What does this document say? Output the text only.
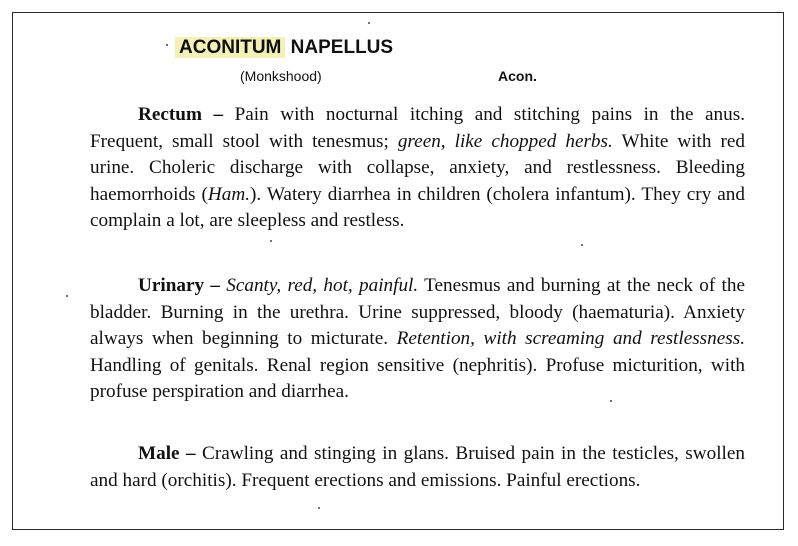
ACONITUM NAPELLUS
(Monkshood)	Acon.

Rectum – Pain with nocturnal itching and stitching pains in the anus. Frequent, small stool with tenesmus; green, like chopped herbs. White with red urine. Choleric discharge with collapse, anxiety, and restlessness. Bleeding haemorrhoids (Ham.). Watery diarrhea in children (cholera infantum). They cry and complain a lot, are sleepless and restless.

Urinary – Scanty, red, hot, painful. Tenesmus and burning at the neck of the bladder. Burning in the urethra. Urine suppressed, bloody (haematuria). Anxiety always when beginning to micturate. Retention, with screaming and restlessness. Handling of genitals. Renal region sensitive (nephritis). Profuse micturition, with profuse perspiration and diarrhea.

Male – Crawling and stinging in glans. Bruised pain in the testicles, swollen and hard (orchitis). Frequent erections and emissions. Painful erections.
